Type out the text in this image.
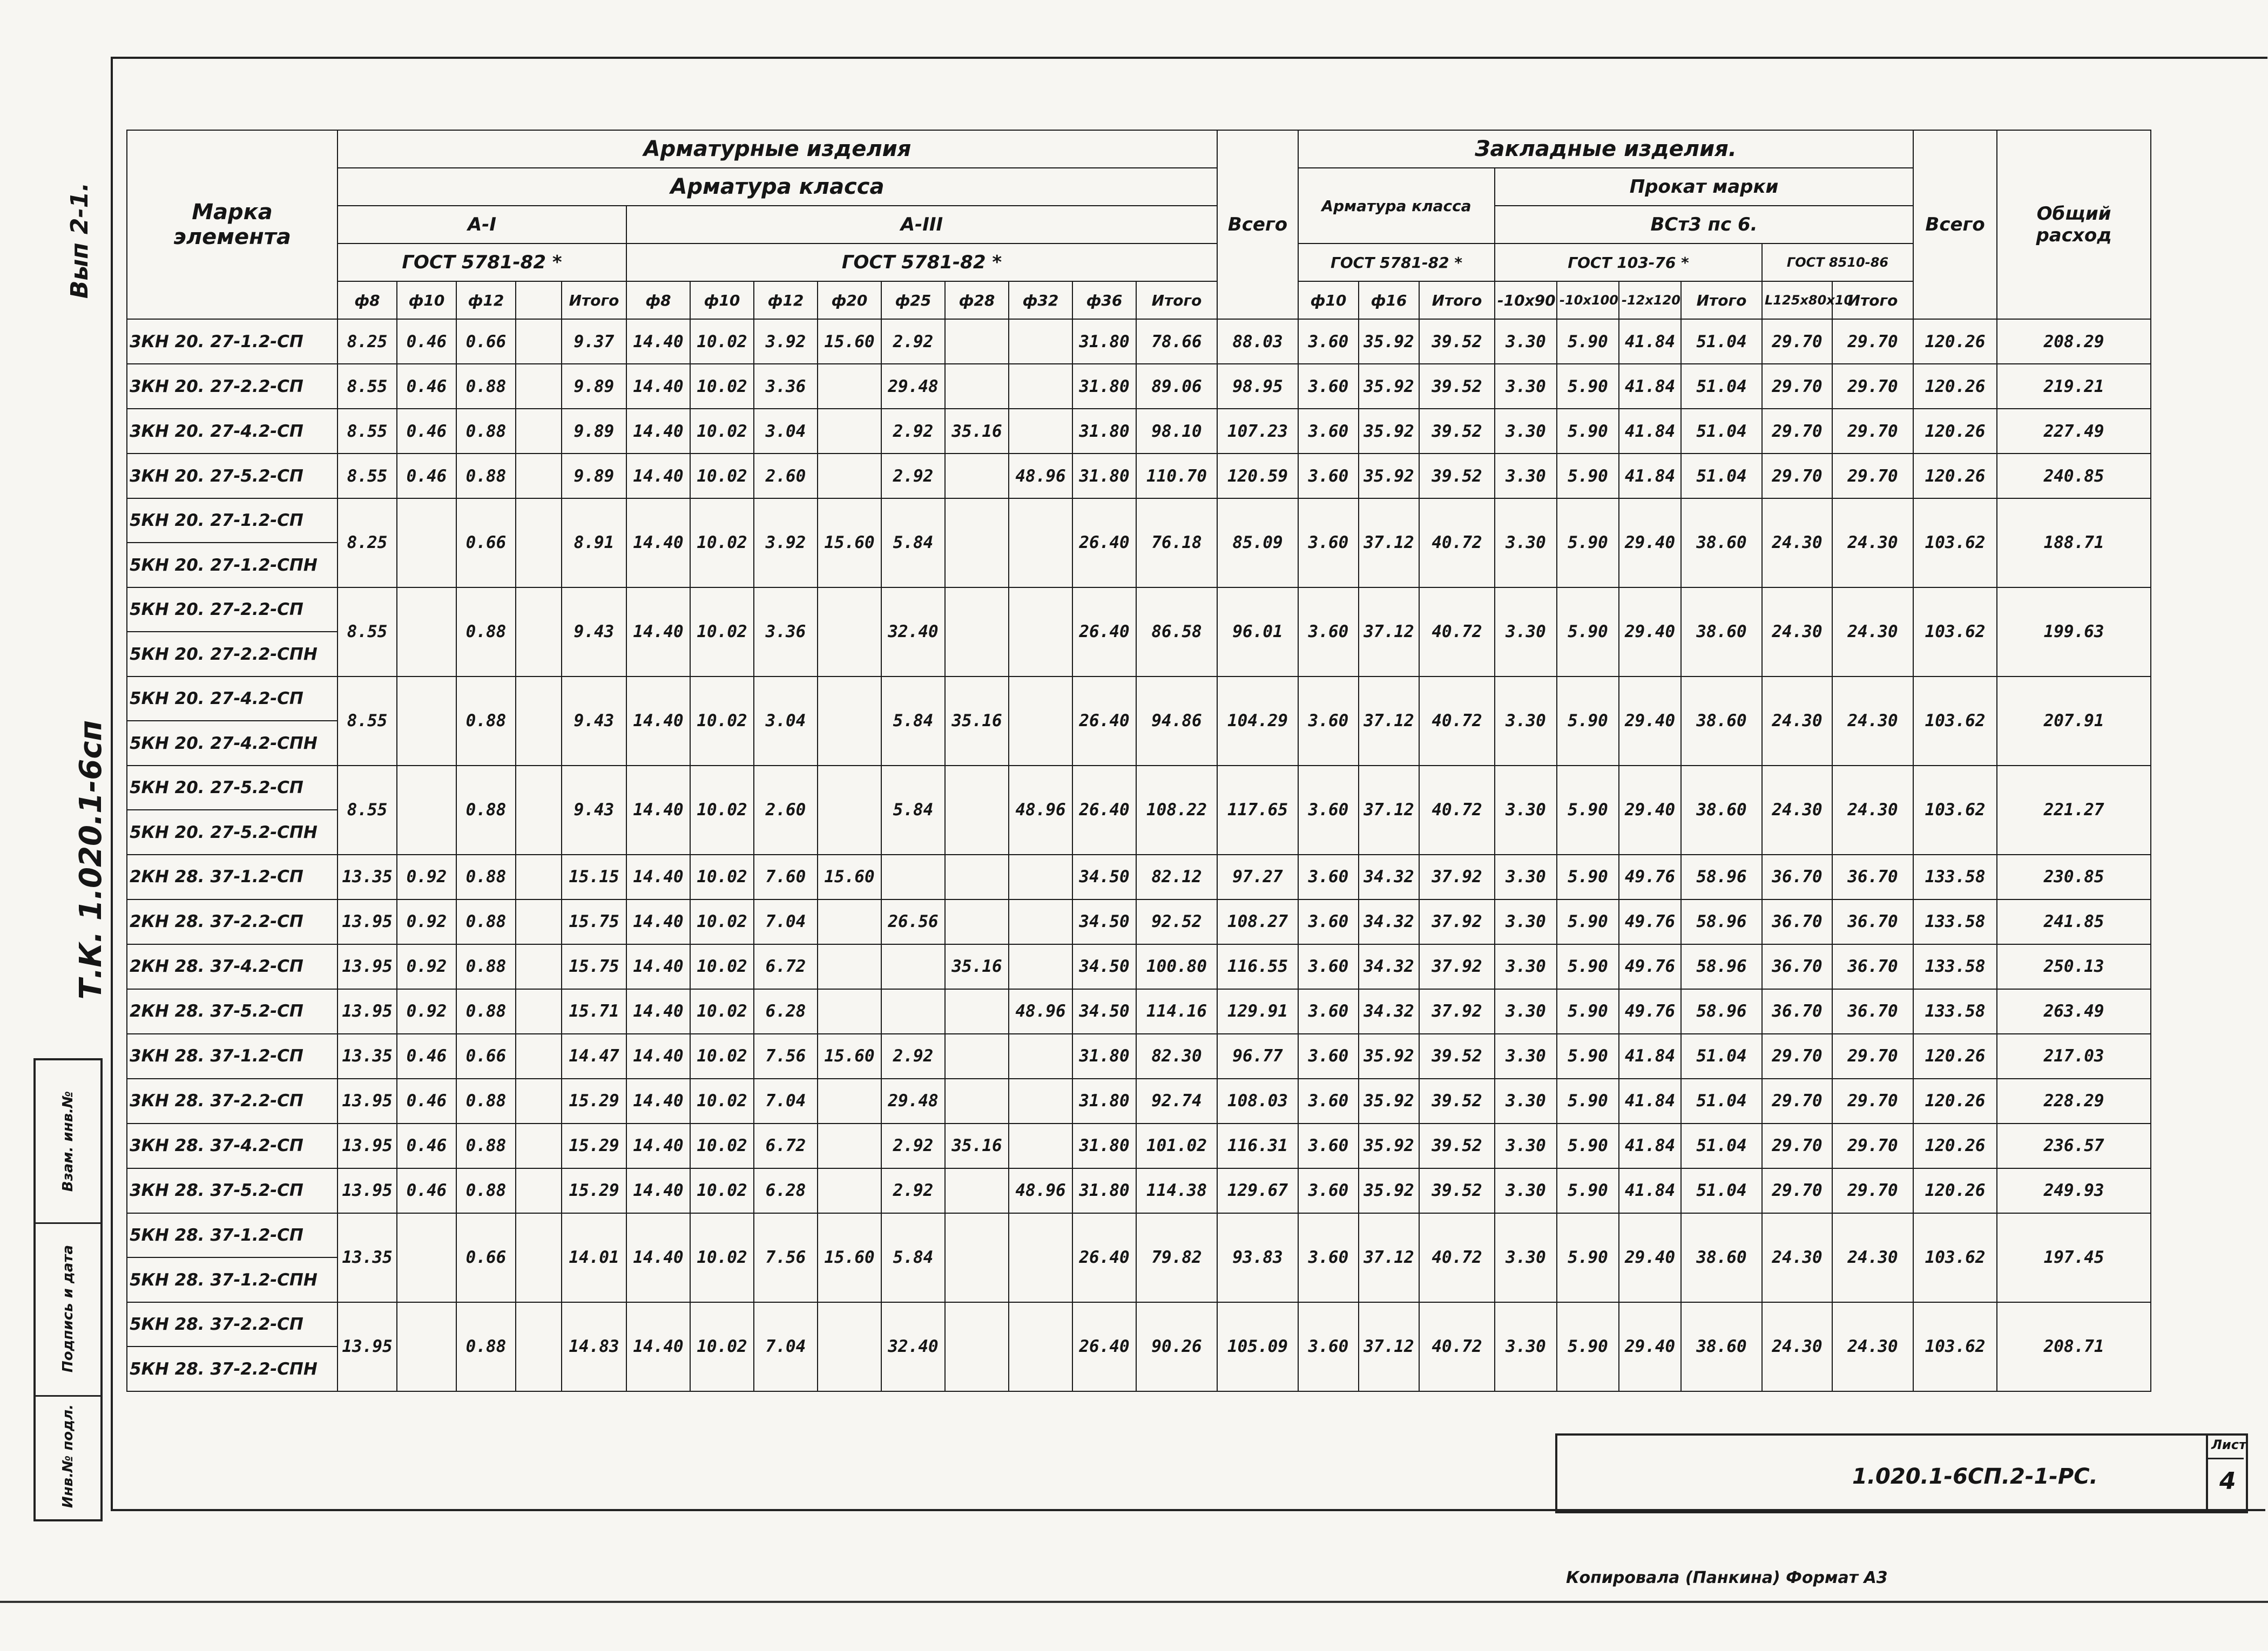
Вып 2-1.
Т.К. 1.020.1-6сп
Взам. инв.№
Подпись и дата
Инв.№ подл.
Марка элемента	Арматурные изделия														Всего	Закладные изделия.									Всего	Общий расход
	Арматура класса															Арматура класса			Прокат марки							
	А-I					А-III													ВСт3 пс 6.							
	ГОСТ 5781-82 *					ГОСТ 5781-82 *										ГОСТ 5781-82 *			ГОСТ 103-76 *				ГОСТ 8510-86			
	ф8	ф10	ф12		Итого	ф8	ф10	ф12	ф20	ф25	ф28	ф32	ф36	Итого		ф10	ф16	Итого	-10х90	-10х100	-12х120	Итого	L125х80х10	Итого		
3КН 20. 27-1.2-СП	8.25	0.46	0.66		9.37	14.40	10.02	3.92	15.60	2.92			31.80	78.66	88.03	3.60	35.92	39.52	3.30	5.90	41.84	51.04	29.70	29.70	120.26	208.29
3КН 20. 27-2.2-СП	8.55	0.46	0.88		9.89	14.40	10.02	3.36		29.48			31.80	89.06	98.95	3.60	35.92	39.52	3.30	5.90	41.84	51.04	29.70	29.70	120.26	219.21
3КН 20. 27-4.2-СП	8.55	0.46	0.88		9.89	14.40	10.02	3.04		2.92	35.16		31.80	98.10	107.23	3.60	35.92	39.52	3.30	5.90	41.84	51.04	29.70	29.70	120.26	227.49
3КН 20. 27-5.2-СП	8.55	0.46	0.88		9.89	14.40	10.02	2.60		2.92		48.96	31.80	110.70	120.59	3.60	35.92	39.52	3.30	5.90	41.84	51.04	29.70	29.70	120.26	240.85
5КН 20. 27-1.2-СП	8.25		0.66		8.91	14.40	10.02	3.92	15.60	5.84			26.40	76.18	85.09	3.60	37.12	40.72	3.30	5.90	29.40	38.60	24.30	24.30	103.62	188.71
5КН 20. 27-1.2-СПН																										
5КН 20. 27-2.2-СП	8.55		0.88		9.43	14.40	10.02	3.36		32.40			26.40	86.58	96.01	3.60	37.12	40.72	3.30	5.90	29.40	38.60	24.30	24.30	103.62	199.63
5КН 20. 27-2.2-СПН																										
5КН 20. 27-4.2-СП	8.55		0.88		9.43	14.40	10.02	3.04		5.84	35.16		26.40	94.86	104.29	3.60	37.12	40.72	3.30	5.90	29.40	38.60	24.30	24.30	103.62	207.91
5КН 20. 27-4.2-СПН																										
5КН 20. 27-5.2-СП	8.55		0.88		9.43	14.40	10.02	2.60		5.84		48.96	26.40	108.22	117.65	3.60	37.12	40.72	3.30	5.90	29.40	38.60	24.30	24.30	103.62	221.27
5КН 20. 27-5.2-СПН																										
2КН 28. 37-1.2-СП	13.35	0.92	0.88		15.15	14.40	10.02	7.60	15.60				34.50	82.12	97.27	3.60	34.32	37.92	3.30	5.90	49.76	58.96	36.70	36.70	133.58	230.85
2КН 28. 37-2.2-СП	13.95	0.92	0.88		15.75	14.40	10.02	7.04		26.56			34.50	92.52	108.27	3.60	34.32	37.92	3.30	5.90	49.76	58.96	36.70	36.70	133.58	241.85
2КН 28. 37-4.2-СП	13.95	0.92	0.88		15.75	14.40	10.02	6.72			35.16		34.50	100.80	116.55	3.60	34.32	37.92	3.30	5.90	49.76	58.96	36.70	36.70	133.58	250.13
2КН 28. 37-5.2-СП	13.95	0.92	0.88		15.71	14.40	10.02	6.28				48.96	34.50	114.16	129.91	3.60	34.32	37.92	3.30	5.90	49.76	58.96	36.70	36.70	133.58	263.49
3КН 28. 37-1.2-СП	13.35	0.46	0.66		14.47	14.40	10.02	7.56	15.60	2.92			31.80	82.30	96.77	3.60	35.92	39.52	3.30	5.90	41.84	51.04	29.70	29.70	120.26	217.03
3КН 28. 37-2.2-СП	13.95	0.46	0.88		15.29	14.40	10.02	7.04		29.48			31.80	92.74	108.03	3.60	35.92	39.52	3.30	5.90	41.84	51.04	29.70	29.70	120.26	228.29
3КН 28. 37-4.2-СП	13.95	0.46	0.88		15.29	14.40	10.02	6.72		2.92	35.16		31.80	101.02	116.31	3.60	35.92	39.52	3.30	5.90	41.84	51.04	29.70	29.70	120.26	236.57
3КН 28. 37-5.2-СП	13.95	0.46	0.88		15.29	14.40	10.02	6.28		2.92		48.96	31.80	114.38	129.67	3.60	35.92	39.52	3.30	5.90	41.84	51.04	29.70	29.70	120.26	249.93
5КН 28. 37-1.2-СП	13.35		0.66		14.01	14.40	10.02	7.56	15.60	5.84			26.40	79.82	93.83	3.60	37.12	40.72	3.30	5.90	29.40	38.60	24.30	24.30	103.62	197.45
5КН 28. 37-1.2-СПН																										
5КН 28. 37-2.2-СП	13.95		0.88		14.83	14.40	10.02	7.04		32.40			26.40	90.26	105.09	3.60	37.12	40.72	3.30	5.90	29.40	38.60	24.30	24.30	103.62	208.71
5КН 28. 37-2.2-СПН																										
1.020.1-6СП.2-1-РС.
Лист
4
Копировала (Панкина) Формат А3
